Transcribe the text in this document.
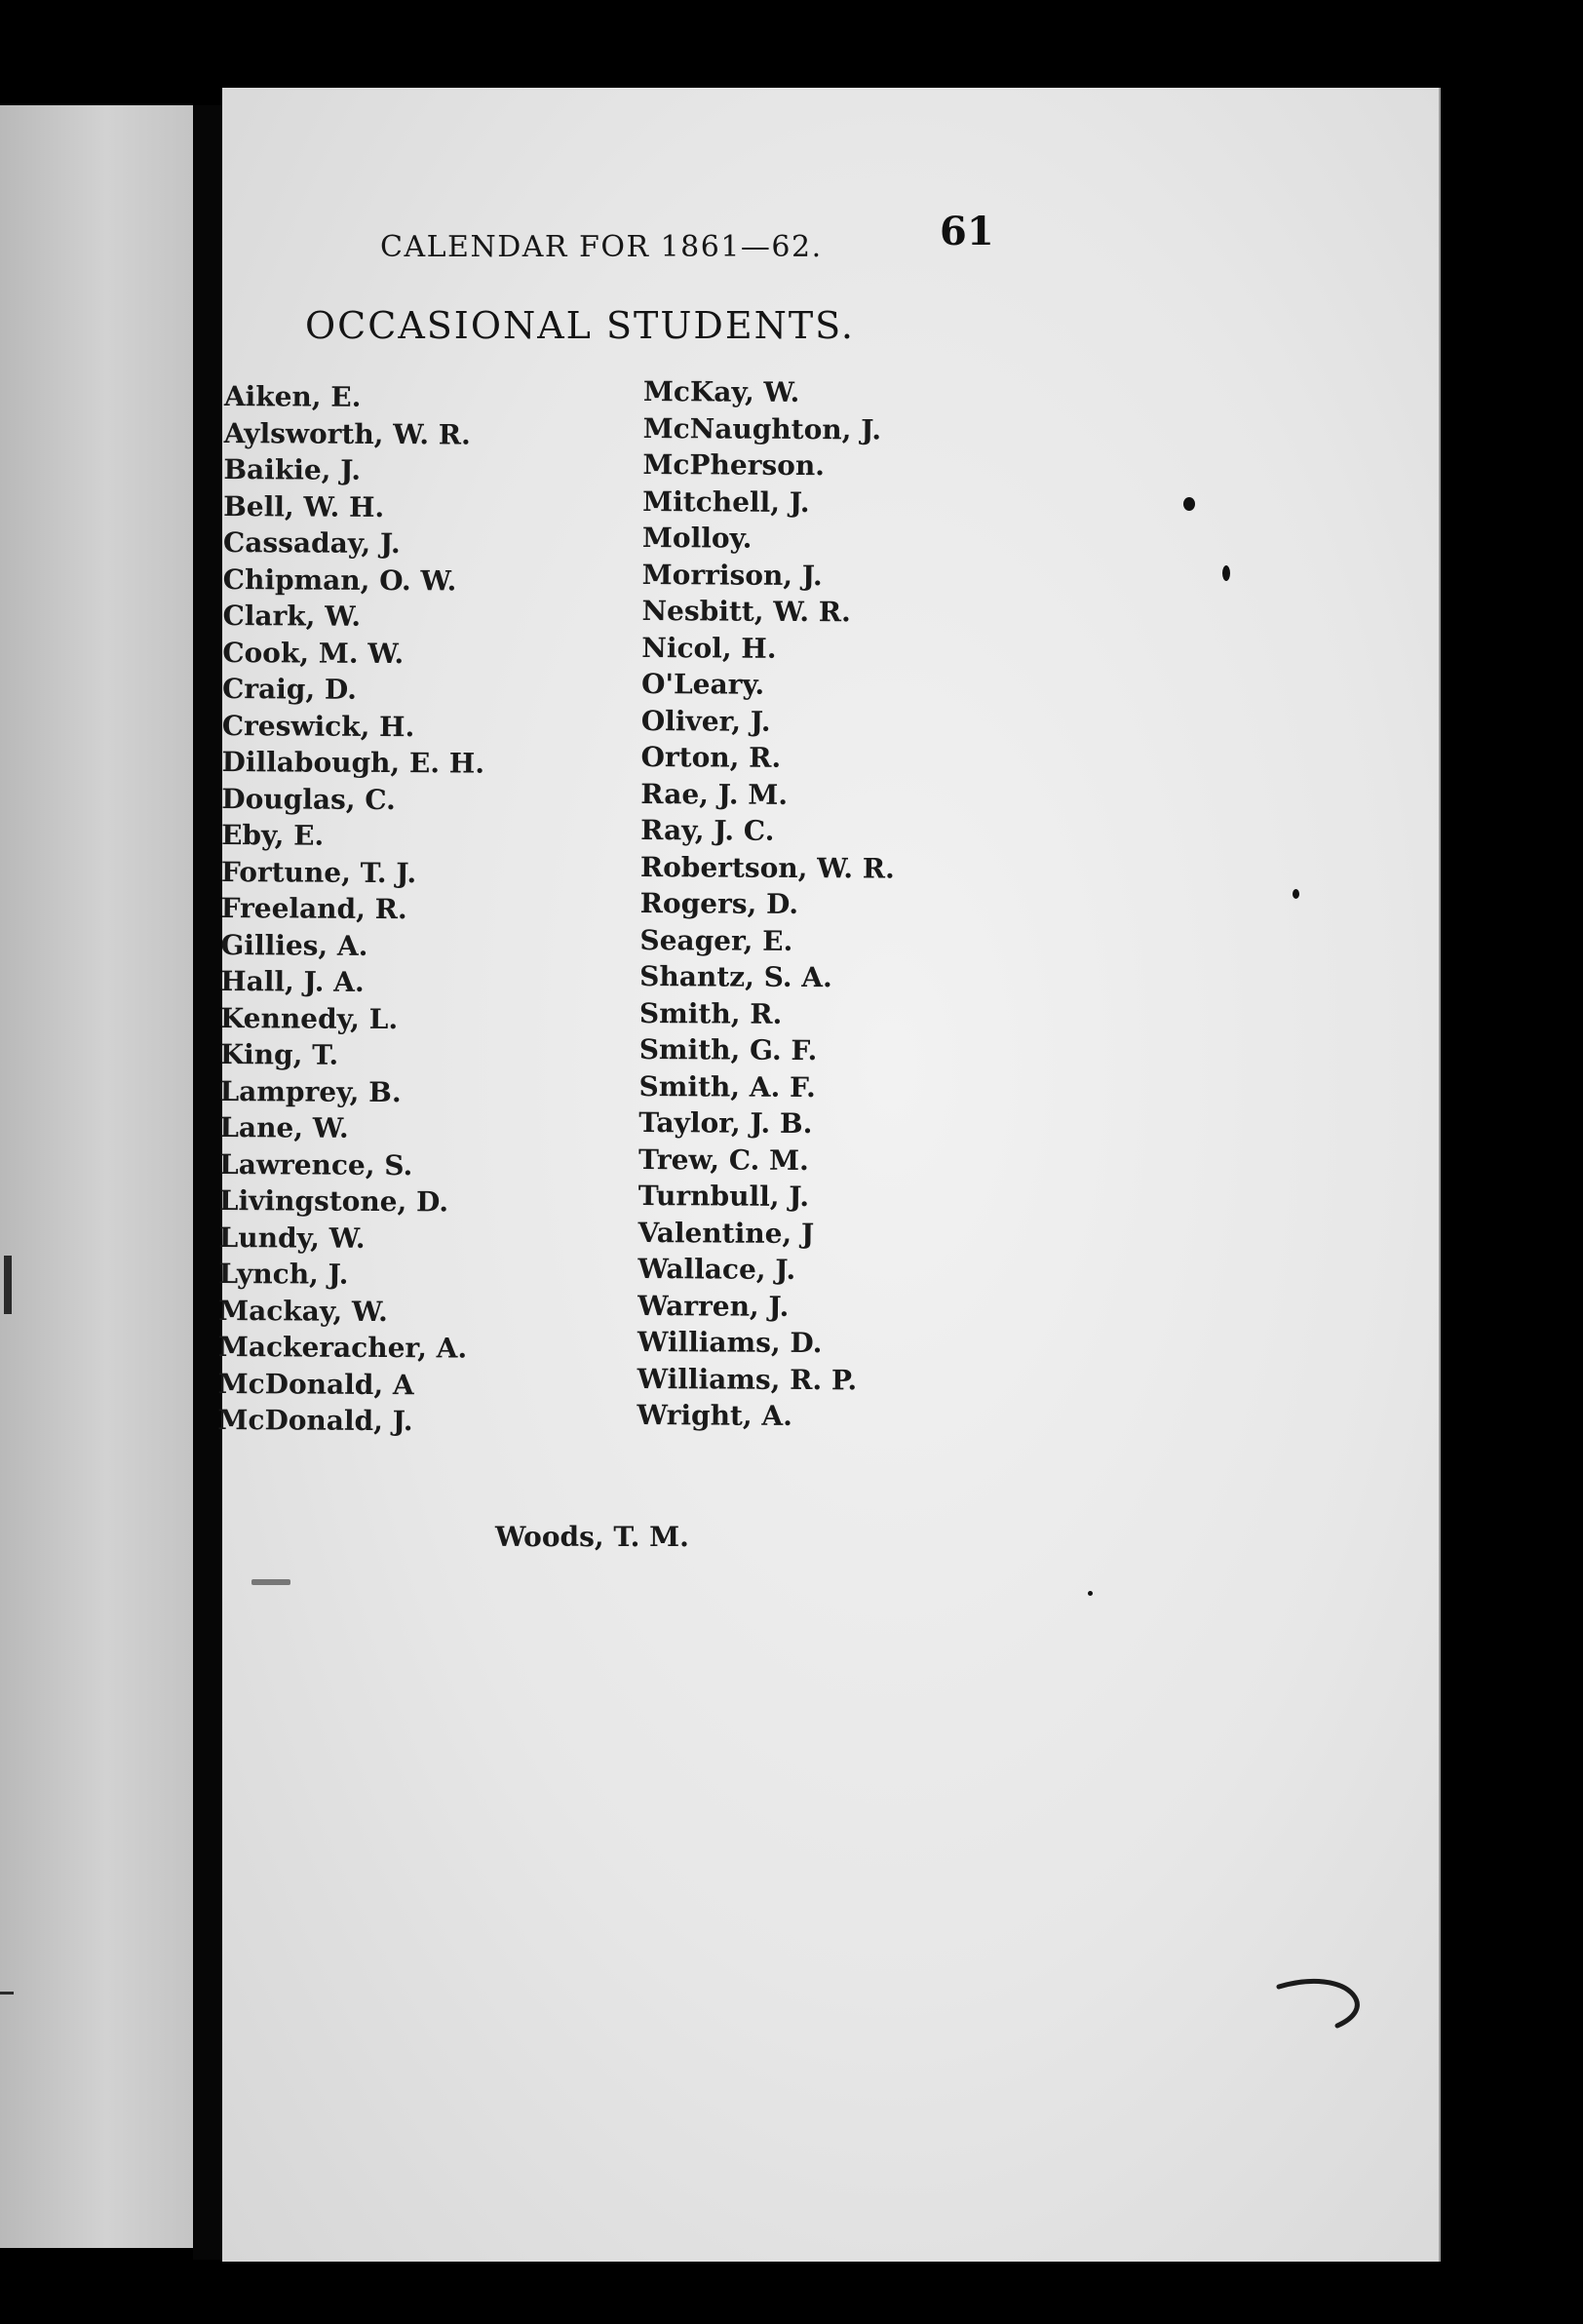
CALENDAR FOR 1861—62.	61
OCCASIONAL STUDENTS.
Aiken, E.
Aylsworth, W. R.
Baikie, J.
Bell, W. H.
Cassaday, J.
Chipman, O. W.
Clark, W.
Cook, M. W.
Craig, D.
Creswick, H.
Dillabough, E. H.
Douglas, C.
Eby, E.
Fortune, T. J.
Freeland, R.
Gillies, A.
Hall, J. A.
Kennedy, L.
King, T.
Lamprey, B.
Lane, W.
Lawrence, S.
Livingstone, D.
Lundy, W.
Lynch, J.
Mackay, W.
Mackeracher, A.
McDonald, A
McDonald, J.
McKay, W.
McNaughton, J.
McPherson.
Mitchell, J.
Molloy.
Morrison, J.
Nesbitt, W. R.
Nicol, H.
O'Leary.
Oliver, J.
Orton, R.
Rae, J. M.
Ray, J. C.
Robertson, W. R.
Rogers, D.
Seager, E.
Shantz, S. A.
Smith, R.
Smith, G. F.
Smith, A. F.
Taylor, J. B.
Trew, C. M.
Turnbull, J.
Valentine, J
Wallace, J.
Warren, J.
Williams, D.
Williams, R. P.
Wright, A.
Woods, T. M.
